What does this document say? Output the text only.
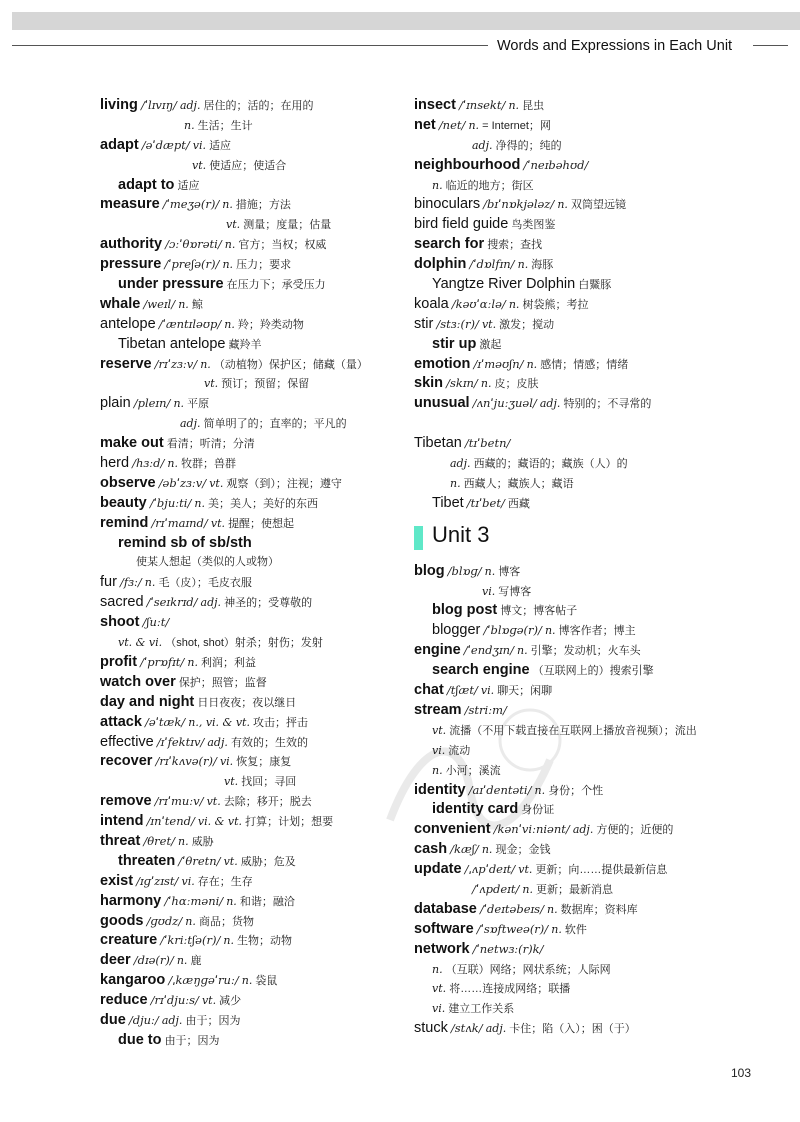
Words and Expressions in Each Unit
living /ˈlɪvɪŋ/ adj. 居住的；活的；在用的
n. 生活；生计
adapt /əˈdæpt/ vi. 适应
vt. 使适应；使适合
adapt to 适应
measure /ˈmeʒə(r)/ n. 措施；方法
vt. 测量；度量；估量
authority /ɔːˈθɒrəti/ n. 官方；当权；权威
pressure /ˈpreʃə(r)/ n. 压力；要求
under pressure 在压力下；承受压力
whale /weɪl/ n. 鲸
antelope /ˈæntɪləʊp/ n. 羚；羚类动物
Tibetan antelope 藏羚羊
reserve /rɪˈzɜːv/ n. （动植物）保护区；储藏（量）
vt. 预订；预留；保留
plain /pleɪn/ n. 平原
adj. 简单明了的；直率的；平凡的
make out 看清；听清；分清
herd /hɜːd/ n. 牧群；兽群
observe /əbˈzɜːv/ vt. 观察（到）；注视；遵守
beauty /ˈbjuːti/ n. 美；美人；美好的东西
remind /rɪˈmaɪnd/ vt. 提醒；使想起
remind sb of sb/sth
使某人想起（类似的人或物）
fur /fɜː/ n. 毛（皮）；毛皮衣服
sacred /ˈseɪkrɪd/ adj. 神圣的；受尊敬的
shoot /ʃuːt/
vt. & vi. （shot, shot）射杀；射伤；发射
profit /ˈprɒfɪt/ n. 利润；利益
watch over 保护；照管；监督
day and night 日日夜夜；夜以继日
attack /əˈtæk/ n., vi. & vt. 攻击；抨击
effective /ɪˈfektɪv/ adj. 有效的；生效的
recover /rɪˈkʌvə(r)/ vi. 恢复；康复
vt. 找回；寻回
remove /rɪˈmuːv/ vt. 去除；移开；脱去
intend /ɪnˈtend/ vi. & vt. 打算；计划；想要
threat /θret/ n. 威胁
threaten /ˈθretn/ vt. 威胁；危及
exist /ɪɡˈzɪst/ vi. 存在；生存
harmony /ˈhɑːməni/ n. 和谐；融洽
goods /ɡʊdz/ n. 商品；货物
creature /ˈkriːtʃə(r)/ n. 生物；动物
deer /dɪə(r)/ n. 鹿
kangaroo /ˌkæŋɡəˈruː/ n. 袋鼠
reduce /rɪˈdjuːs/ vt. 减少
due /djuː/ adj. 由于；因为
due to 由于；因为
insect /ˈɪnsekt/ n. 昆虫
net /net/ n. = Internet；网
adj. 净得的；纯的
neighbourhood /ˈneɪbəhʊd/
n. 临近的地方；街区
binoculars /bɪˈnɒkjələz/ n. 双筒望远镜
bird field guide 鸟类图鉴
search for 搜索；查找
dolphin /ˈdɒlfɪn/ n. 海豚
Yangtze River Dolphin 白鱀豚
koala /kəʊˈɑːlə/ n. 树袋熊；考拉
stir /stɜː(r)/ vt. 激发；搅动
stir up 激起
emotion /ɪˈməʊʃn/ n. 感情；情感；情绪
skin /skɪn/ n. 皮；皮肤
unusual /ʌnˈjuːʒuəl/ adj. 特别的；不寻常的
Tibetan /tɪˈbetn/
adj. 西藏的；藏语的；藏族（人）的
n. 西藏人；藏族人；藏语
Tibet /tɪˈbet/ 西藏
Unit 3
blog /blɒɡ/ n. 博客
vi. 写博客
blog post 博文；博客帖子
blogger /ˈblɒɡə(r)/ n. 博客作者；博主
engine /ˈendʒɪn/ n. 引擎；发动机；火车头
search engine （互联网上的）搜索引擎
chat /tʃæt/ vi. 聊天；闲聊
stream /striːm/
vt. 流播（不用下载直接在互联网上播放音视频）；流出
vi. 流动
n. 小河；溪流
identity /aɪˈdentəti/ n. 身份；个性
identity card 身份证
convenient /kənˈviːniənt/ adj. 方便的；近便的
cash /kæʃ/ n. 现金；金钱
update /ˌʌpˈdeɪt/ vt. 更新；向……提供最新信息
/ˈʌpdeɪt/ n. 更新；最新消息
database /ˈdeɪtəbeɪs/ n. 数据库；资料库
software /ˈsɒftweə(r)/ n. 软件
network /ˈnetwɜː(r)k/
n. （互联）网络；网状系统；人际网
vt. 将……连接成网络；联播
vi. 建立工作关系
stuck /stʌk/ adj. 卡住；陷（入）；困（于）
103
